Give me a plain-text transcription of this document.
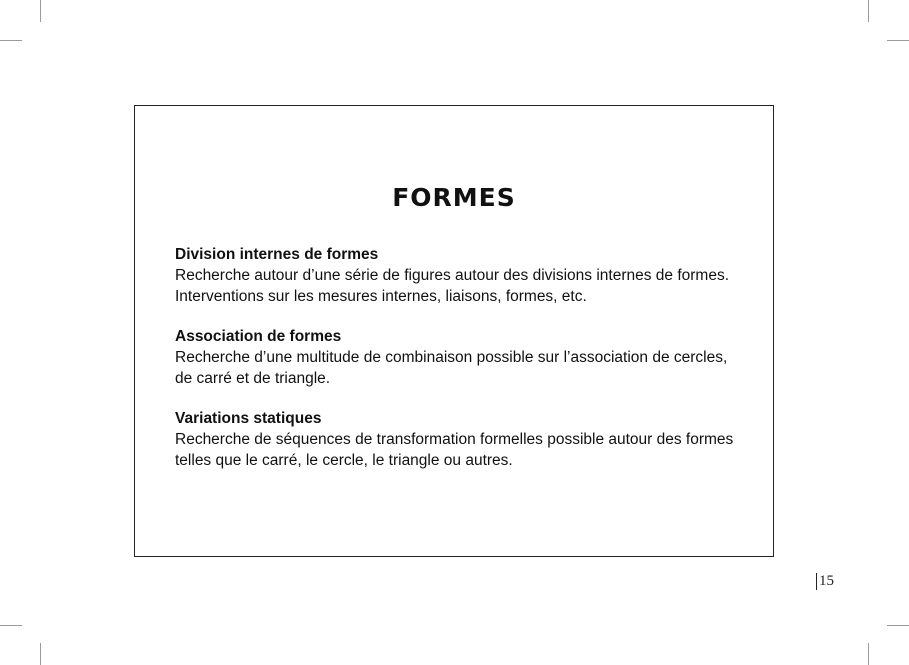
FORMES

Division internes de formes

Recherche autour d’une série de figures autour des divisions internes de formes. Interventions sur les mesures internes, liaisons, formes, etc.

Association de formes

Recherche d’une multitude de combinaison possible sur l’association de cercles, de carré et de triangle.

Variations statiques

Recherche de séquences de transformation formelles possible autour des formes telles que le carré, le cercle, le triangle ou autres.

15
